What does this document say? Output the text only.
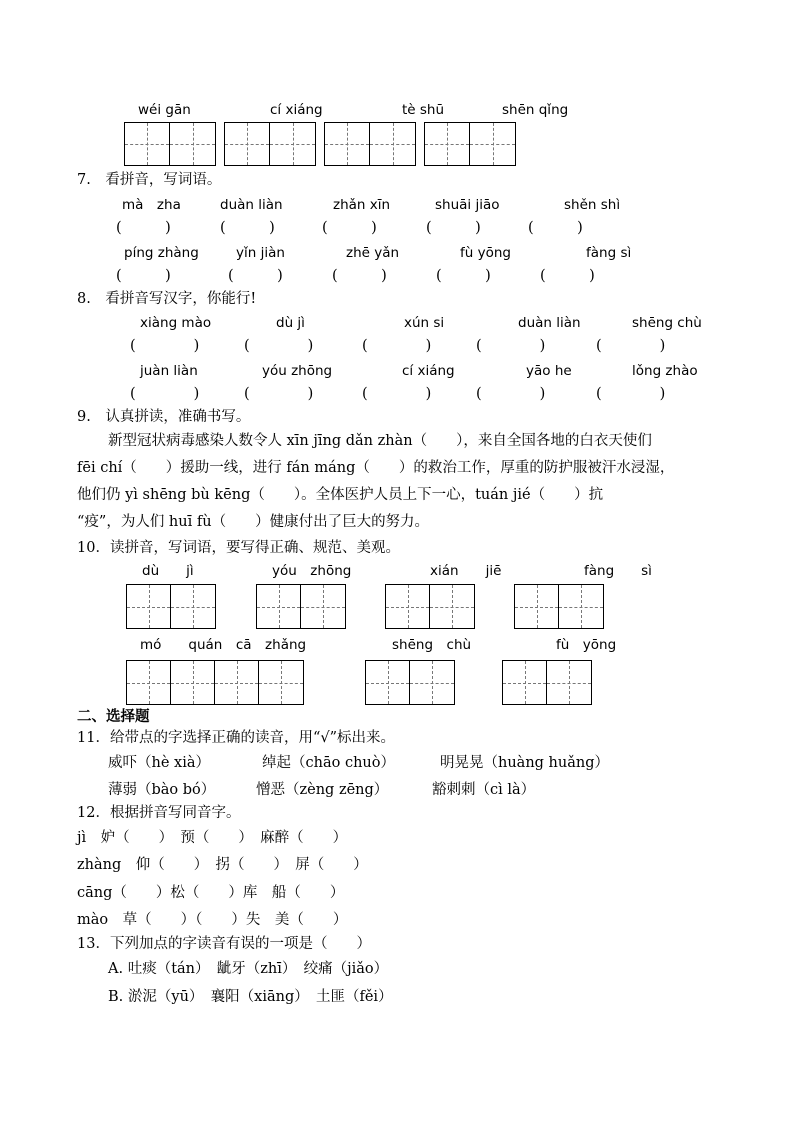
wéi gān	cí xiáng	tè shū	shēn qǐng
7.　看拼音，写词语。
mà　zha	duàn liàn	zhǎn xīn	shuāi jiāo	shěn shì
(　　　)	(　　　)	(　　　)	(　　　)	(　　　)
píng zhàng	yǐn jiàn	zhē yǎn	fù yōng	fàng sì
(　　　)	(　　　)	(　　　)	(　　　)	(　　　)
8.　看拼音写汉字，你能行!
xiàng mào	dù jì	xún si	duàn liàn	shēng chù
(　　　　)	(　　　　)	(　　　　)	(　　　　)	(　　　　)
juàn liàn	yóu zhōng	cí xiáng	yāo he	lǒng zhào
(　　　　)	(　　　　)	(　　　　)	(　　　　)	(　　　　)
9.　认真拼读，准确书写。
新型冠状病毒感染人数令人 xīn jīng dǎn zhàn（　　），来自全国各地的白衣天使们
fēi chí（　　）援助一线，进行 fán máng（　　）的救治工作，厚重的防护服被汗水浸湿，
他们仍 yì shēng bù kēng（　　）。全体医护人员上下一心，tuán jié（　　）抗
“疫”，为人们 huī fù（　　）健康付出了巨大的努力。
10．读拼音，写词语，要写得正确、规范、美观。
dù　　jì	yóu　zhōng	xián　　jiē	fàng　　sì
mó　　quán　cā　zhǎng	shēng　chù	fù　yōng
二、选择题
11．给带点的字选择正确的读音，用“√”标出来。
威吓（hè xià）	绰起（chāo chuò）	明晃晃（huàng huǎng）
薄弱（bào bó）	憎恶（zèng zēng）	豁刺刺（cì là）
12．根据拼音写同音字。
jì　妒（　　）　预（　　）　麻醉（　　）
zhàng　仰（　　）　拐（　　）　屏（　　）
cāng（　　）松（　　）库　船（　　）
mào　草（　　）（　　）失　美（　　）
13．下列加点的字读音有误的一项是（　　）
A. 吐痰（tán）　龇牙（zhī）　绞痛（jiǎo）
B. 淤泥（yū）　襄阳（xiāng）　土匪（fěi）
